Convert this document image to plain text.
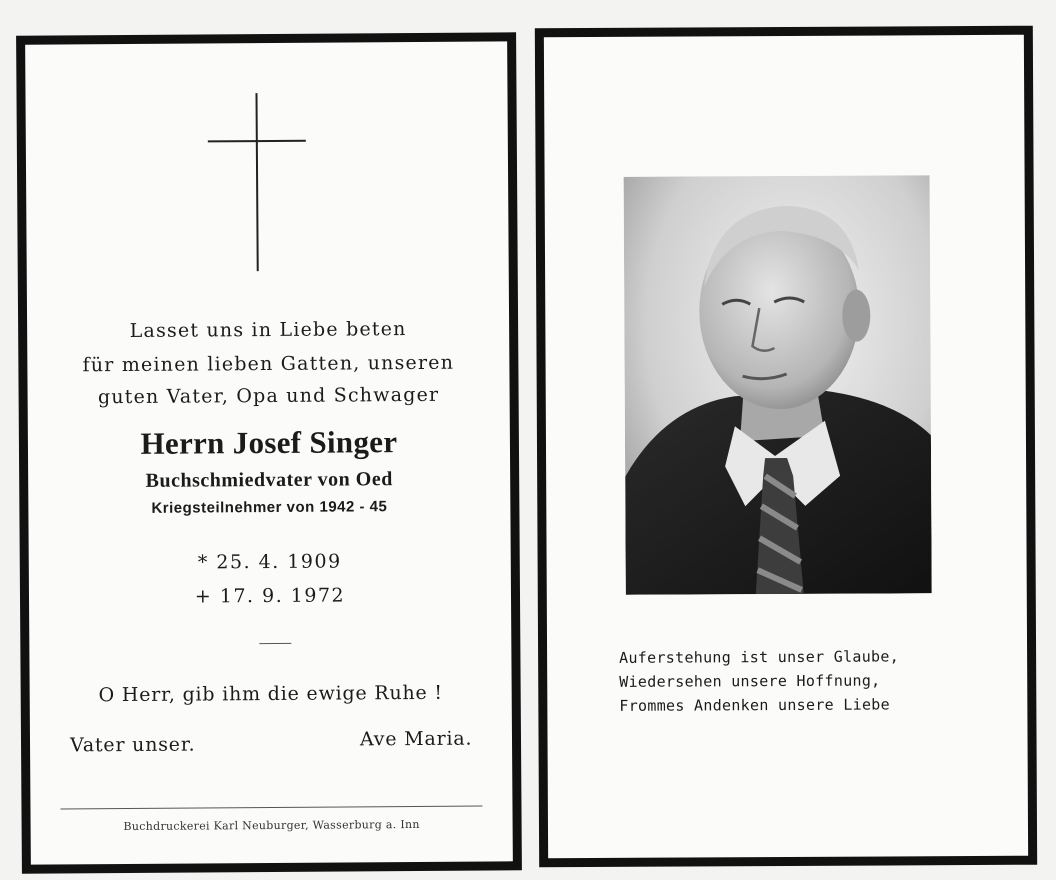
Lasset uns in Liebe beten
für meinen lieben Gatten, unseren
guten Vater, Opa und Schwager
Herrn Josef Singer
Buchschmiedvater von Oed
Kriegsteilnehmer von 1942 - 45
* 25. 4. 1909
+ 17. 9. 1972
O Herr, gib ihm die ewige Ruhe !
Vater unser.	Ave Maria.
Buchdruckerei Karl Neuburger, Wasserburg a. Inn
Auferstehung ist unser Glaube,
Wiedersehen unsere Hoffnung,
Frommes Andenken unsere Liebe
